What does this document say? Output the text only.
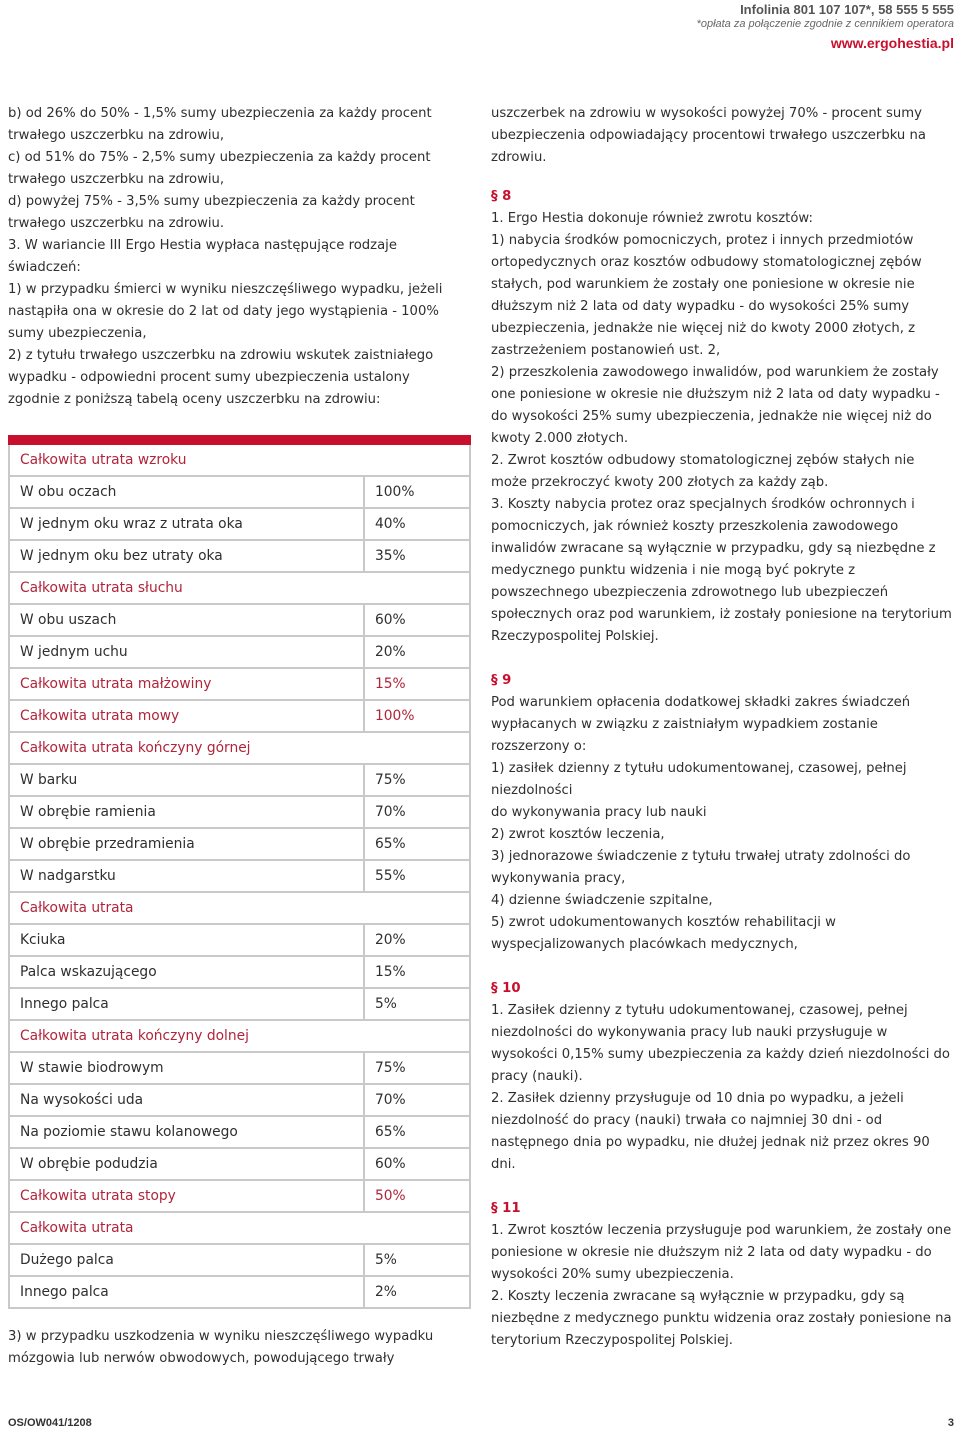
Infolinia 801 107 107*, 58 555 5 555
*opłata za połączenie zgodnie z cennikiem operatora
www.ergohestia.pl

b) od 26% do 50% - 1,5% sumy ubezpieczenia za każdy procent trwałego uszczerbku na zdrowiu,

c) od 51% do 75% - 2,5% sumy ubezpieczenia za każdy procent trwałego uszczerbku na zdrowiu,

d) powyżej 75% - 3,5% sumy ubezpieczenia za każdy procent trwałego uszczerbku na zdrowiu.

3. W wariancie III Ergo Hestia wypłaca następujące rodzaje świadczeń:

1) w przypadku śmierci w wyniku nieszczęśliwego wypadku, jeżeli nastąpiła ona w okresie do 2 lat od daty jego wystąpienia - 100% sumy ubezpieczenia,

2) z tytułu trwałego uszczerbku na zdrowiu wskutek zaistniałego wypadku - odpowiedni procent sumy ubezpieczenia ustalony zgodnie z poniższą tabelą oceny uszczerbku na zdrowiu:

Całkowita utrata wzroku	
W obu oczach	100%
W jednym oku wraz z utrata oka	40%
W jednym oku bez utraty oka	35%
Całkowita utrata słuchu	
W obu uszach	60%
W jednym uchu	20%
Całkowita utrata małżowiny	15%
Całkowita utrata mowy	100%
Całkowita utrata kończyny górnej	
W barku	75%
W obrębie ramienia	70%
W obrębie przedramienia	65%
W nadgarstku	55%
Całkowita utrata	
Kciuka	20%
Palca wskazującego	15%
Innego palca	5%
Całkowita utrata kończyny dolnej	
W stawie biodrowym	75%
Na wysokości uda	70%
Na poziomie stawu kolanowego	65%
W obrębie podudzia	60%
Całkowita utrata stopy	50%
Całkowita utrata	
Dużego palca	5%
Innego palca	2%

3) w przypadku uszkodzenia w wyniku nieszczęśliwego wypadku mózgowia lub nerwów obwodowych, powodującego trwały

uszczerbek na zdrowiu w wysokości powyżej 70% - procent sumy ubezpieczenia odpowiadający procentowi trwałego uszczerbku na zdrowiu.

§ 8

1. Ergo Hestia dokonuje również zwrotu kosztów:

1) nabycia środków pomocniczych, protez i innych przedmiotów ortopedycznych oraz kosztów odbudowy stomatologicznej zębów stałych, pod warunkiem że zostały one poniesione w okresie nie dłuższym niż 2 lata od daty wypadku - do wysokości 25% sumy ubezpieczenia, jednakże nie więcej niż do kwoty 2000 złotych, z zastrzeżeniem postanowień ust. 2,

2) przeszkolenia zawodowego inwalidów, pod warunkiem że zostały one poniesione w okresie nie dłuższym niż 2 lata od daty wypadku - do wysokości 25% sumy ubezpieczenia, jednakże nie więcej niż do kwoty 2.000 złotych.

2. Zwrot kosztów odbudowy stomatologicznej zębów stałych nie może przekroczyć kwoty 200 złotych za każdy ząb.

3. Koszty nabycia protez oraz specjalnych środków ochronnych i pomocniczych, jak również koszty przeszkolenia zawodowego inwalidów zwracane są wyłącznie w przypadku, gdy są niezbędne z medycznego punktu widzenia i nie mogą być pokryte z powszechnego ubezpieczenia zdrowotnego lub ubezpieczeń społecznych oraz pod warunkiem, iż zostały poniesione na terytorium Rzeczypospolitej Polskiej.

§ 9

Pod warunkiem opłacenia dodatkowej składki zakres świadczeń wypłacanych w związku z zaistniałym wypadkiem zostanie rozszerzony o:

1) zasiłek dzienny z tytułu udokumentowanej, czasowej, pełnej niezdolności

do wykonywania pracy lub nauki

2) zwrot kosztów leczenia,

3) jednorazowe świadczenie z tytułu trwałej utraty zdolności do wykonywania pracy,

4) dzienne świadczenie szpitalne,

5) zwrot udokumentowanych kosztów rehabilitacji w wyspecjalizowanych placówkach medycznych,

§ 10

1. Zasiłek dzienny z tytułu udokumentowanej, czasowej, pełnej niezdolności do wykonywania pracy lub nauki przysługuje w wysokości 0,15% sumy ubezpieczenia za każdy dzień niezdolności do pracy (nauki).

2. Zasiłek dzienny przysługuje od 10 dnia po wypadku, a jeżeli niezdolność do pracy (nauki) trwała co najmniej 30 dni - od następnego dnia po wypadku, nie dłużej jednak niż przez okres 90 dni.

§ 11

1. Zwrot kosztów leczenia przysługuje pod warunkiem, że zostały one poniesione w okresie nie dłuższym niż 2 lata od daty wypadku - do wysokości 20% sumy ubezpieczenia.

2. Koszty leczenia zwracane są wyłącznie w przypadku, gdy są niezbędne z medycznego punktu widzenia oraz zostały poniesione na terytorium Rzeczypospolitej Polskiej.

OS/OW041/1208	3
